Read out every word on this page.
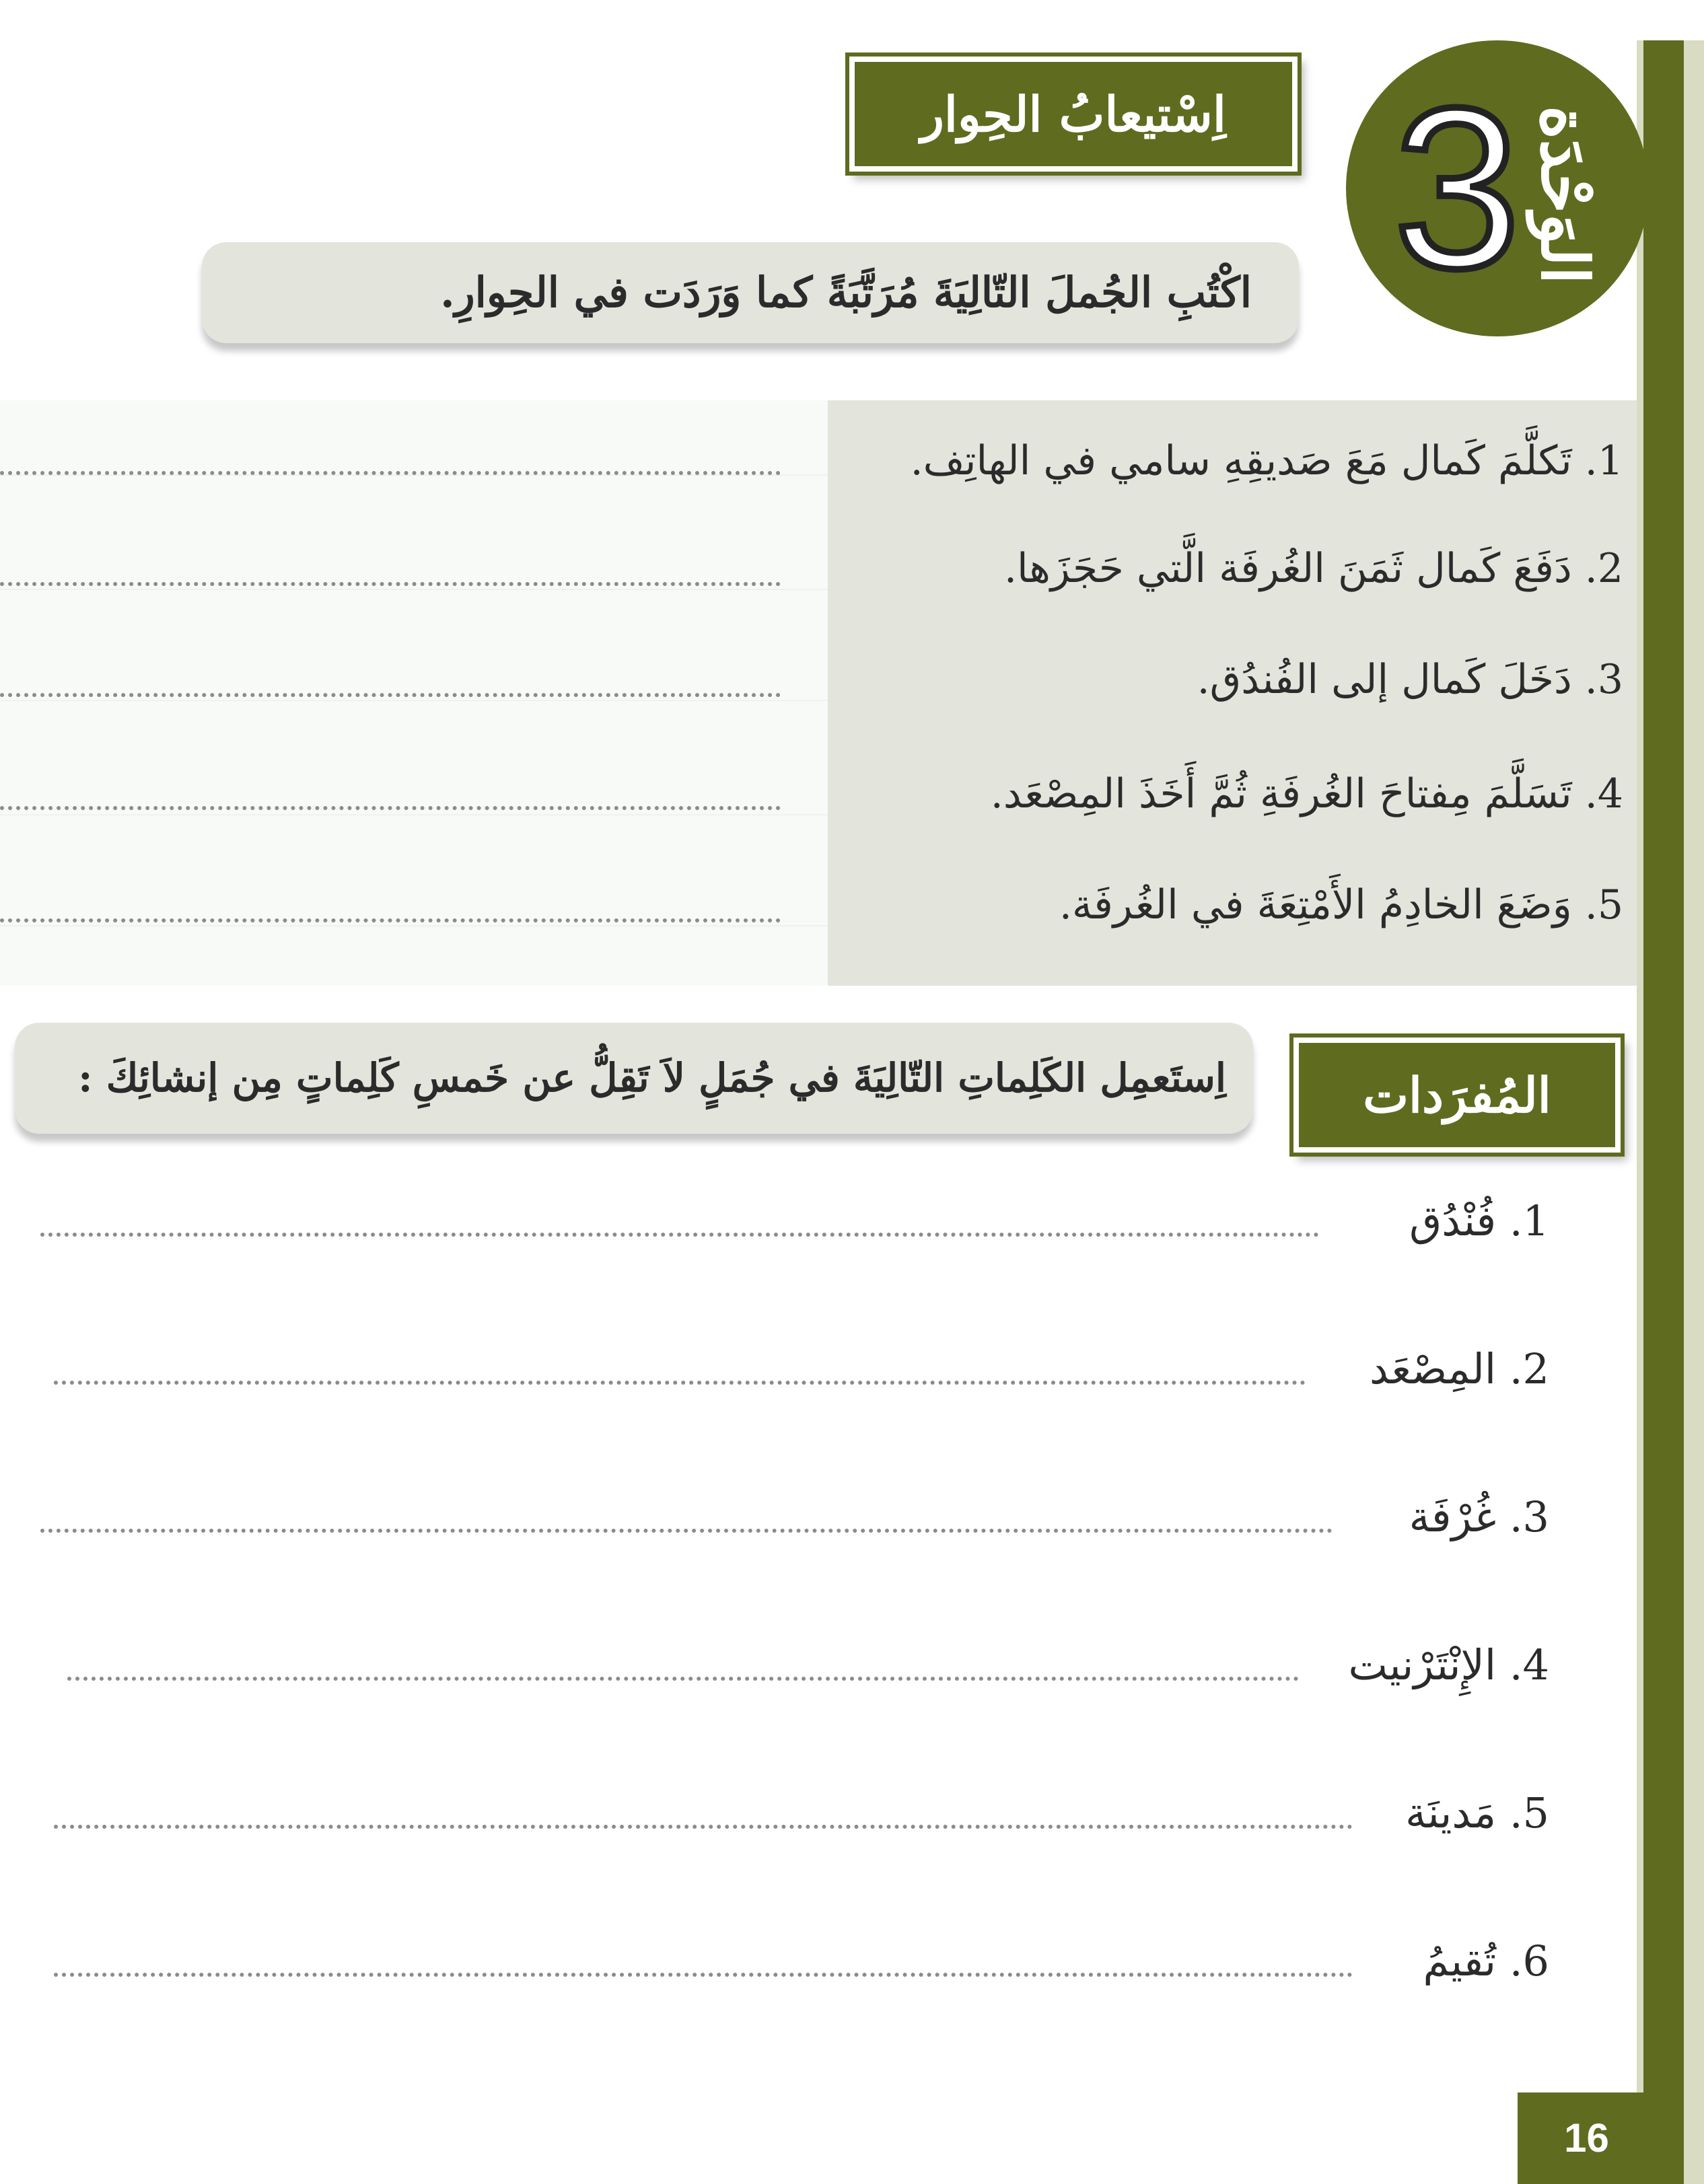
3 الوَحْدَة
اِسْتيعابُ الحِوار
اكْتُبِ الجُملَ التّالِيَةَ مُرَتَّبَةً كما وَرَدَت في الحِوارِ.
1. تَكلَّمَ كَمال مَعَ صَديقِهِ سامي في الهاتِف.
2. دَفَعَ كَمال ثَمَنَ الغُرفَة الَّتي حَجَزَها.
3. دَخَلَ كَمال إلى الفُندُق.
4. تَسَلَّمَ مِفتاحَ الغُرفَةِ ثُمَّ أَخَذَ المِصْعَد.
5. وَضَعَ الخادِمُ الأَمْتِعَةَ في الغُرفَة.
المُفرَدات
اِستَعمِل الكَلِماتِ التّالِيَةَ في جُمَلٍ لاَ تَقِلُّ عن خَمسِ كَلِماتٍ مِن إنشائِكَ :
1. فُنْدُق
2. المِصْعَد
3. غُرْفَة
4. الإِنْتَرْنيت
5. مَدينَة
6. تُقيمُ
16
